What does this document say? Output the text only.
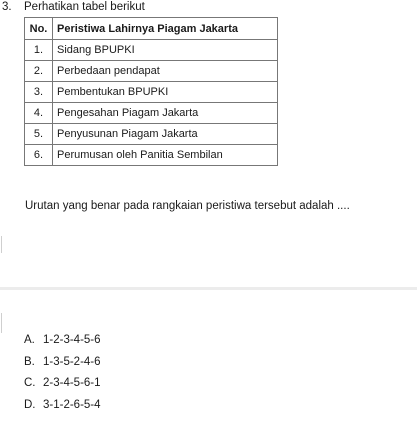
3. Perhatikan tabel berikut
No.	Peristiwa Lahirnya Piagam Jakarta
1.	Sidang BPUPKI
2.	Perbedaan pendapat
3.	Pembentukan BPUPKI
4.	Pengesahan Piagam Jakarta
5.	Penyusunan Piagam Jakarta
6.	Perumusan oleh Panitia Sembilan
Urutan yang benar pada rangkaian peristiwa tersebut adalah ....
A. 1-2-3-4-5-6
B. 1-3-5-2-4-6
C. 2-3-4-5-6-1
D. 3-1-2-6-5-4
